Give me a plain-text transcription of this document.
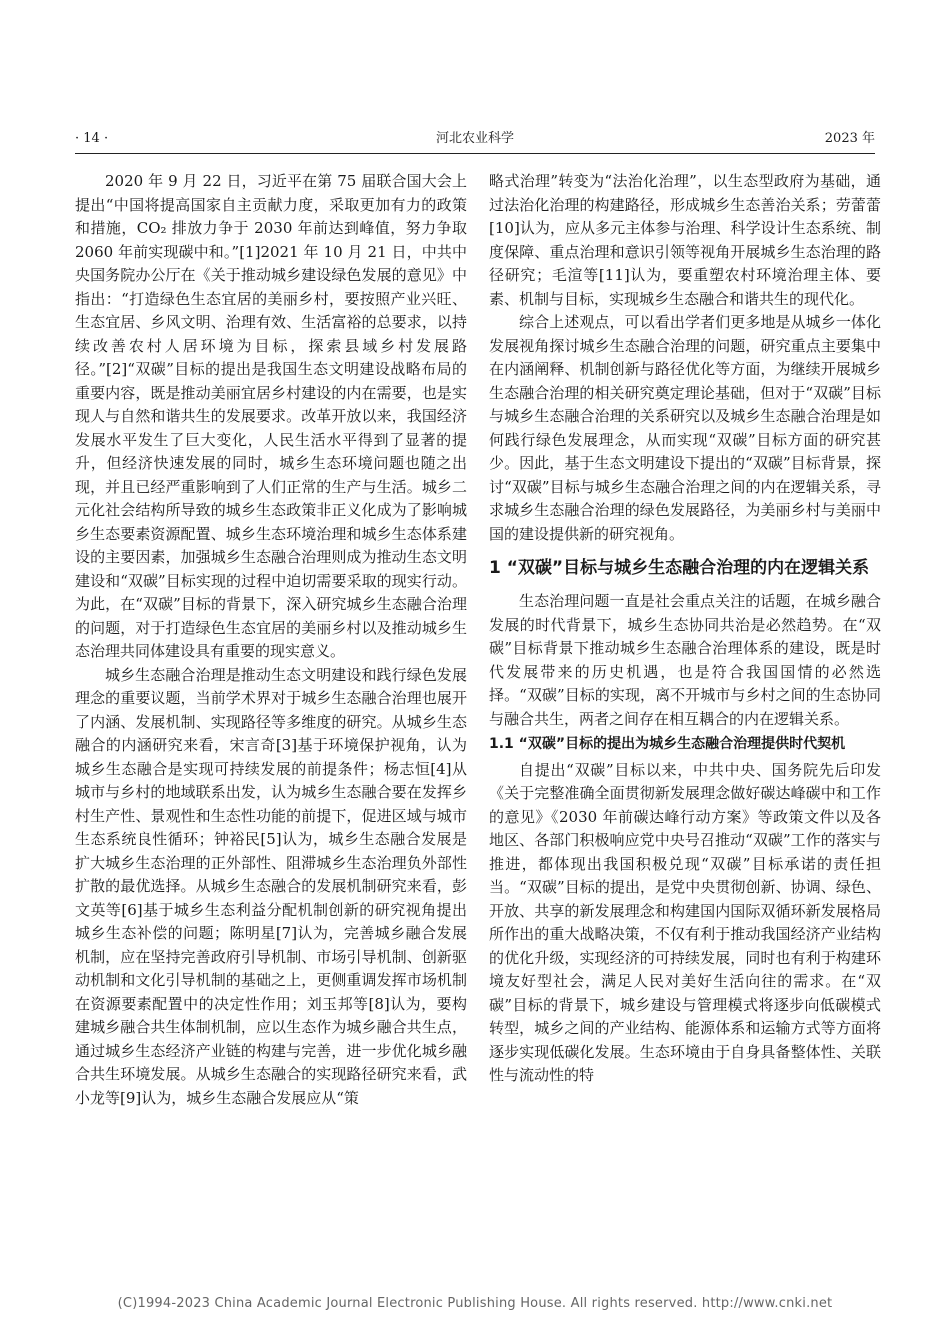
· 14 ·	河北农业科学	2023 年

2020 年 9 月 22 日，习近平在第 75 届联合国大会上提出“中国将提高国家自主贡献力度，采取更加有力的政策和措施，CO₂ 排放力争于 2030 年前达到峰值，努力争取 2060 年前实现碳中和。”[1]2021 年 10 月 21 日，中共中央国务院办公厅在《关于推动城乡建设绿色发展的意见》中指出：“打造绿色生态宜居的美丽乡村，要按照产业兴旺、生态宜居、乡风文明、治理有效、生活富裕的总要求，以持续改善农村人居环境为目标，探索县域乡村发展路径。”[2]“双碳”目标的提出是我国生态文明建设战略布局的重要内容，既是推动美丽宜居乡村建设的内在需要，也是实现人与自然和谐共生的发展要求。改革开放以来，我国经济发展水平发生了巨大变化，人民生活水平得到了显著的提升，但经济快速发展的同时，城乡生态环境问题也随之出现，并且已经严重影响到了人们正常的生产与生活。城乡二元化社会结构所导致的城乡生态政策非正义化成为了影响城乡生态要素资源配置、城乡生态环境治理和城乡生态体系建设的主要因素，加强城乡生态融合治理则成为推动生态文明建设和“双碳”目标实现的过程中迫切需要采取的现实行动。为此，在“双碳”目标的背景下，深入研究城乡生态融合治理的问题，对于打造绿色生态宜居的美丽乡村以及推动城乡生态治理共同体建设具有重要的现实意义。

城乡生态融合治理是推动生态文明建设和践行绿色发展理念的重要议题，当前学术界对于城乡生态融合治理也展开了内涵、发展机制、实现路径等多维度的研究。从城乡生态融合的内涵研究来看，宋言奇[3]基于环境保护视角，认为城乡生态融合是实现可持续发展的前提条件；杨志恒[4]从城市与乡村的地域联系出发，认为城乡生态融合要在发挥乡村生产性、景观性和生态性功能的前提下，促进区域与城市生态系统良性循环；钟裕民[5]认为，城乡生态融合发展是扩大城乡生态治理的正外部性、阻滞城乡生态治理负外部性扩散的最优选择。从城乡生态融合的发展机制研究来看，彭文英等[6]基于城乡生态利益分配机制创新的研究视角提出城乡生态补偿的问题；陈明星[7]认为，完善城乡融合发展机制，应在坚持完善政府引导机制、市场引导机制、创新驱动机制和文化引导机制的基础之上，更侧重调发挥市场机制在资源要素配置中的决定性作用；刘玉邦等[8]认为，要构建城乡融合共生体制机制，应以生态作为城乡融合共生点，通过城乡生态经济产业链的构建与完善，进一步优化城乡融合共生环境发展。从城乡生态融合的实现路径研究来看，武小龙等[9]认为，城乡生态融合发展应从“策

略式治理”转变为“法治化治理”，以生态型政府为基础，通过法治化治理的构建路径，形成城乡生态善治关系；劳蕾蕾[10]认为，应从多元主体参与治理、科学设计生态系统、制度保障、重点治理和意识引领等视角开展城乡生态治理的路径研究；毛渲等[11]认为，要重塑农村环境治理主体、要素、机制与目标，实现城乡生态融合和谐共生的现代化。

综合上述观点，可以看出学者们更多地是从城乡一体化发展视角探讨城乡生态融合治理的问题，研究重点主要集中在内涵阐释、机制创新与路径优化等方面，为继续开展城乡生态融合治理的相关研究奠定理论基础，但对于“双碳”目标与城乡生态融合治理的关系研究以及城乡生态融合治理是如何践行绿色发展理念，从而实现“双碳”目标方面的研究甚少。因此，基于生态文明建设下提出的“双碳”目标背景，探讨“双碳”目标与城乡生态融合治理之间的内在逻辑关系，寻求城乡生态融合治理的绿色发展路径，为美丽乡村与美丽中国的建设提供新的研究视角。

1 “双碳”目标与城乡生态融合治理的内在逻辑关系

生态治理问题一直是社会重点关注的话题，在城乡融合发展的时代背景下，城乡生态协同共治是必然趋势。在“双碳”目标背景下推动城乡生态融合治理体系的建设，既是时代发展带来的历史机遇，也是符合我国国情的必然选择。“双碳”目标的实现，离不开城市与乡村之间的生态协同与融合共生，两者之间存在相互耦合的内在逻辑关系。

1.1 “双碳”目标的提出为城乡生态融合治理提供时代契机

自提出“双碳”目标以来，中共中央、国务院先后印发《关于完整准确全面贯彻新发展理念做好碳达峰碳中和工作的意见》《2030 年前碳达峰行动方案》等政策文件以及各地区、各部门积极响应党中央号召推动“双碳”工作的落实与推进，都体现出我国积极兑现“双碳”目标承诺的责任担当。“双碳”目标的提出，是党中央贯彻创新、协调、绿色、开放、共享的新发展理念和构建国内国际双循环新发展格局所作出的重大战略决策，不仅有利于推动我国经济产业结构的优化升级，实现经济的可持续发展，同时也有利于构建环境友好型社会，满足人民对美好生活向往的需求。在“双碳”目标的背景下，城乡建设与管理模式将逐步向低碳模式转型，城乡之间的产业结构、能源体系和运输方式等方面将逐步实现低碳化发展。生态环境由于自身具备整体性、关联性与流动性的特

(C)1994-2023 China Academic Journal Electronic Publishing House. All rights reserved. http://www.cnki.net
